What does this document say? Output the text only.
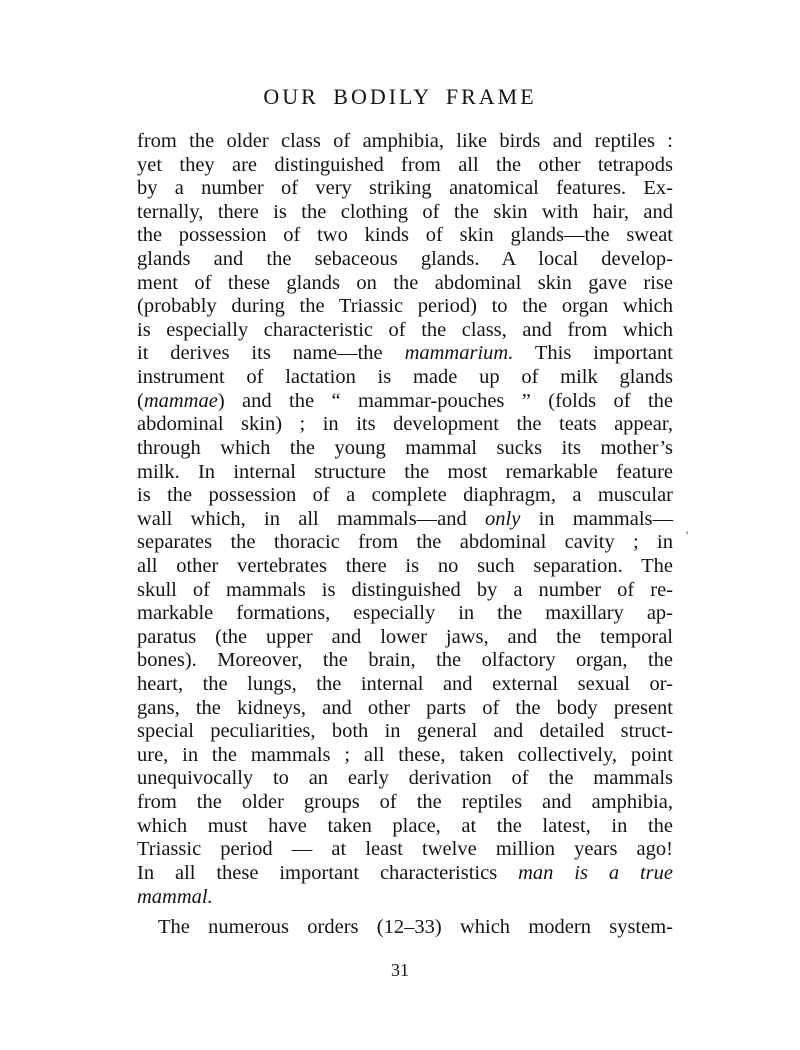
OUR BODILY FRAME
from the older class of amphibia, like birds and reptiles :
yet they are distinguished from all the other tetrapods
by a number of very striking anatomical features. Ex-
ternally, there is the clothing of the skin with hair, and
the possession of two kinds of skin glands—the sweat
glands and the sebaceous glands. A local develop-
ment of these glands on the abdominal skin gave rise
(probably during the Triassic period) to the organ which
is especially characteristic of the class, and from which
it derives its name—the mammarium. This important
instrument of lactation is made up of milk glands
(mammae) and the “ mammar-pouches ” (folds of the
abdominal skin) ; in its development the teats appear,
through which the young mammal sucks its mother’s
milk. In internal structure the most remarkable feature
is the possession of a complete diaphragm, a muscular
wall which, in all mammals—and only in mammals—
separates the thoracic from the abdominal cavity ; in
all other vertebrates there is no such separation. The
skull of mammals is distinguished by a number of re-
markable formations, especially in the maxillary ap-
paratus (the upper and lower jaws, and the temporal
bones). Moreover, the brain, the olfactory organ, the
heart, the lungs, the internal and external sexual or-
gans, the kidneys, and other parts of the body present
special peculiarities, both in general and detailed struct-
ure, in the mammals ; all these, taken collectively, point
unequivocally to an early derivation of the mammals
from the older groups of the reptiles and amphibia,
which must have taken place, at the latest, in the
Triassic period — at least twelve million years ago!
In all these important characteristics man is a true
mammal.
The numerous orders (12–33) which modern system-
’

31
